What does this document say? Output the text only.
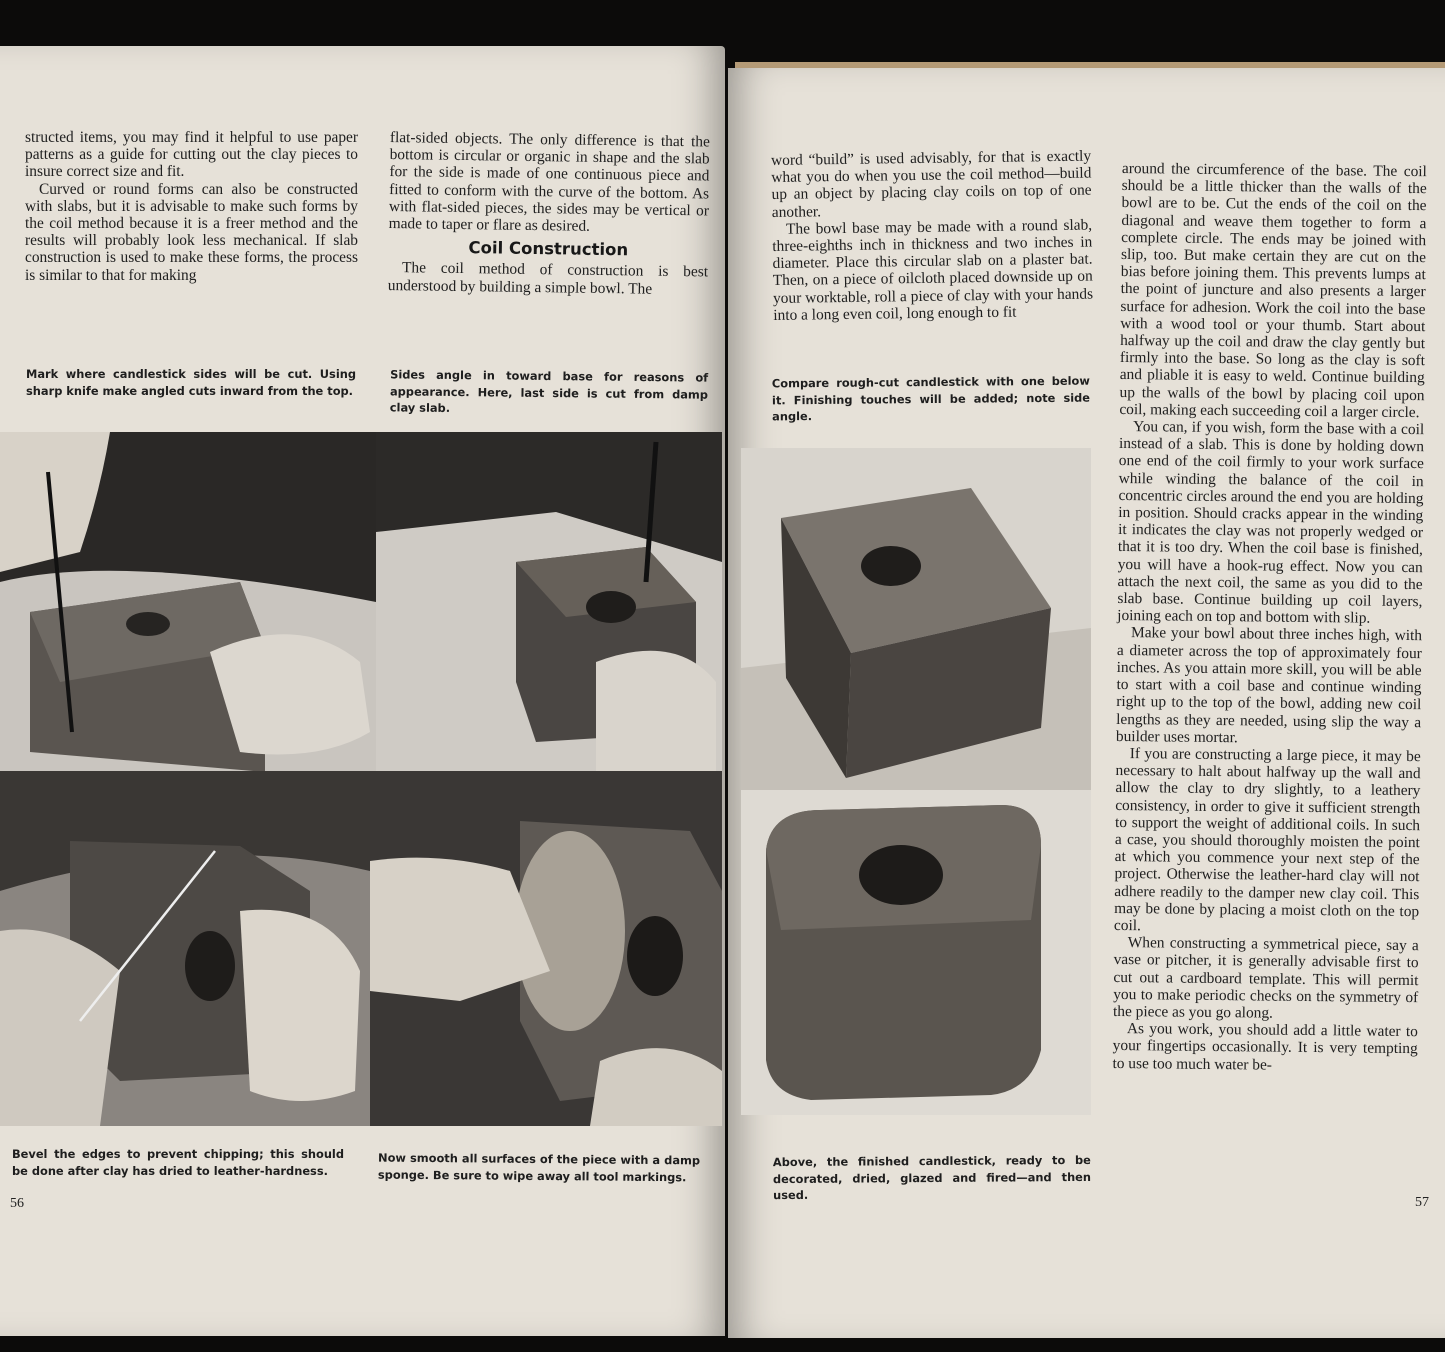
structed items, you may find it helpful to use paper patterns as a guide for cutting out the clay pieces to insure correct size and fit.

Curved or round forms can also be constructed with slabs, but it is advisable to make such forms by the coil method because it is a freer method and the results will probably look less mechanical. If slab construction is used to make these forms, the process is similar to that for making

flat-sided objects. The only difference is that the bottom is circular or organic in shape and the slab for the side is made of one continuous piece and fitted to conform with the curve of the bottom. As with flat-sided pieces, the sides may be vertical or made to taper or flare as desired.

Coil Construction

The coil method of construction is best understood by building a simple bowl. The

Mark where candlestick sides will be cut. Using sharp knife make angled cuts inward from the top.
Sides angle in toward base for reasons of appearance. Here, last side is cut from damp clay slab.
Bevel the edges to prevent chipping; this should be done after clay has dried to leather-hardness.
Now smooth all surfaces of the piece with a damp sponge. Be sure to wipe away all tool markings.
56

word “build” is used advisably, for that is exactly what you do when you use the coil method—build up an object by placing clay coils on top of one another.

The bowl base may be made with a round slab, three-eighths inch in thickness and two inches in diameter. Place this circular slab on a plaster bat. Then, on a piece of oilcloth placed downside up on your worktable, roll a piece of clay with your hands into a long even coil, long enough to fit

Compare rough-cut candlestick with one below it. Finishing touches will be added; note side angle.
Above, the finished candlestick, ready to be decorated, dried, glazed and fired—and then used.

around the circumference of the base. The coil should be a little thicker than the walls of the bowl are to be. Cut the ends of the coil on the diagonal and weave them together to form a complete circle. The ends may be joined with slip, too. But make certain they are cut on the bias before joining them. This prevents lumps at the point of juncture and also presents a larger surface for adhesion. Work the coil into the base with a wood tool or your thumb. Start about halfway up the coil and draw the clay gently but firmly into the base. So long as the clay is soft and pliable it is easy to weld. Continue building up the walls of the bowl by placing coil upon coil, making each succeeding coil a larger circle.

You can, if you wish, form the base with a coil instead of a slab. This is done by holding down one end of the coil firmly to your work surface while winding the balance of the coil in concentric circles around the end you are holding in position. Should cracks appear in the winding it indicates the clay was not properly wedged or that it is too dry. When the coil base is finished, you will have a hook-rug effect. Now you can attach the next coil, the same as you did to the slab base. Continue building up coil layers, joining each on top and bottom with slip.

Make your bowl about three inches high, with a diameter across the top of approximately four inches. As you attain more skill, you will be able to start with a coil base and continue winding right up to the top of the bowl, adding new coil lengths as they are needed, using slip the way a builder uses mortar.

If you are constructing a large piece, it may be necessary to halt about halfway up the wall and allow the clay to dry slightly, to a leathery consistency, in order to give it sufficient strength to support the weight of additional coils. In such a case, you should thoroughly moisten the point at which you commence your next step of the project. Otherwise the leather-hard clay will not adhere readily to the damper new clay coil. This may be done by placing a moist cloth on the top coil.

When constructing a symmetrical piece, say a vase or pitcher, it is generally advisable first to cut out a cardboard template. This will permit you to make periodic checks on the symmetry of the piece as you go along.

As you work, you should add a little water to your fingertips occasionally. It is very tempting to use too much water be-

57
